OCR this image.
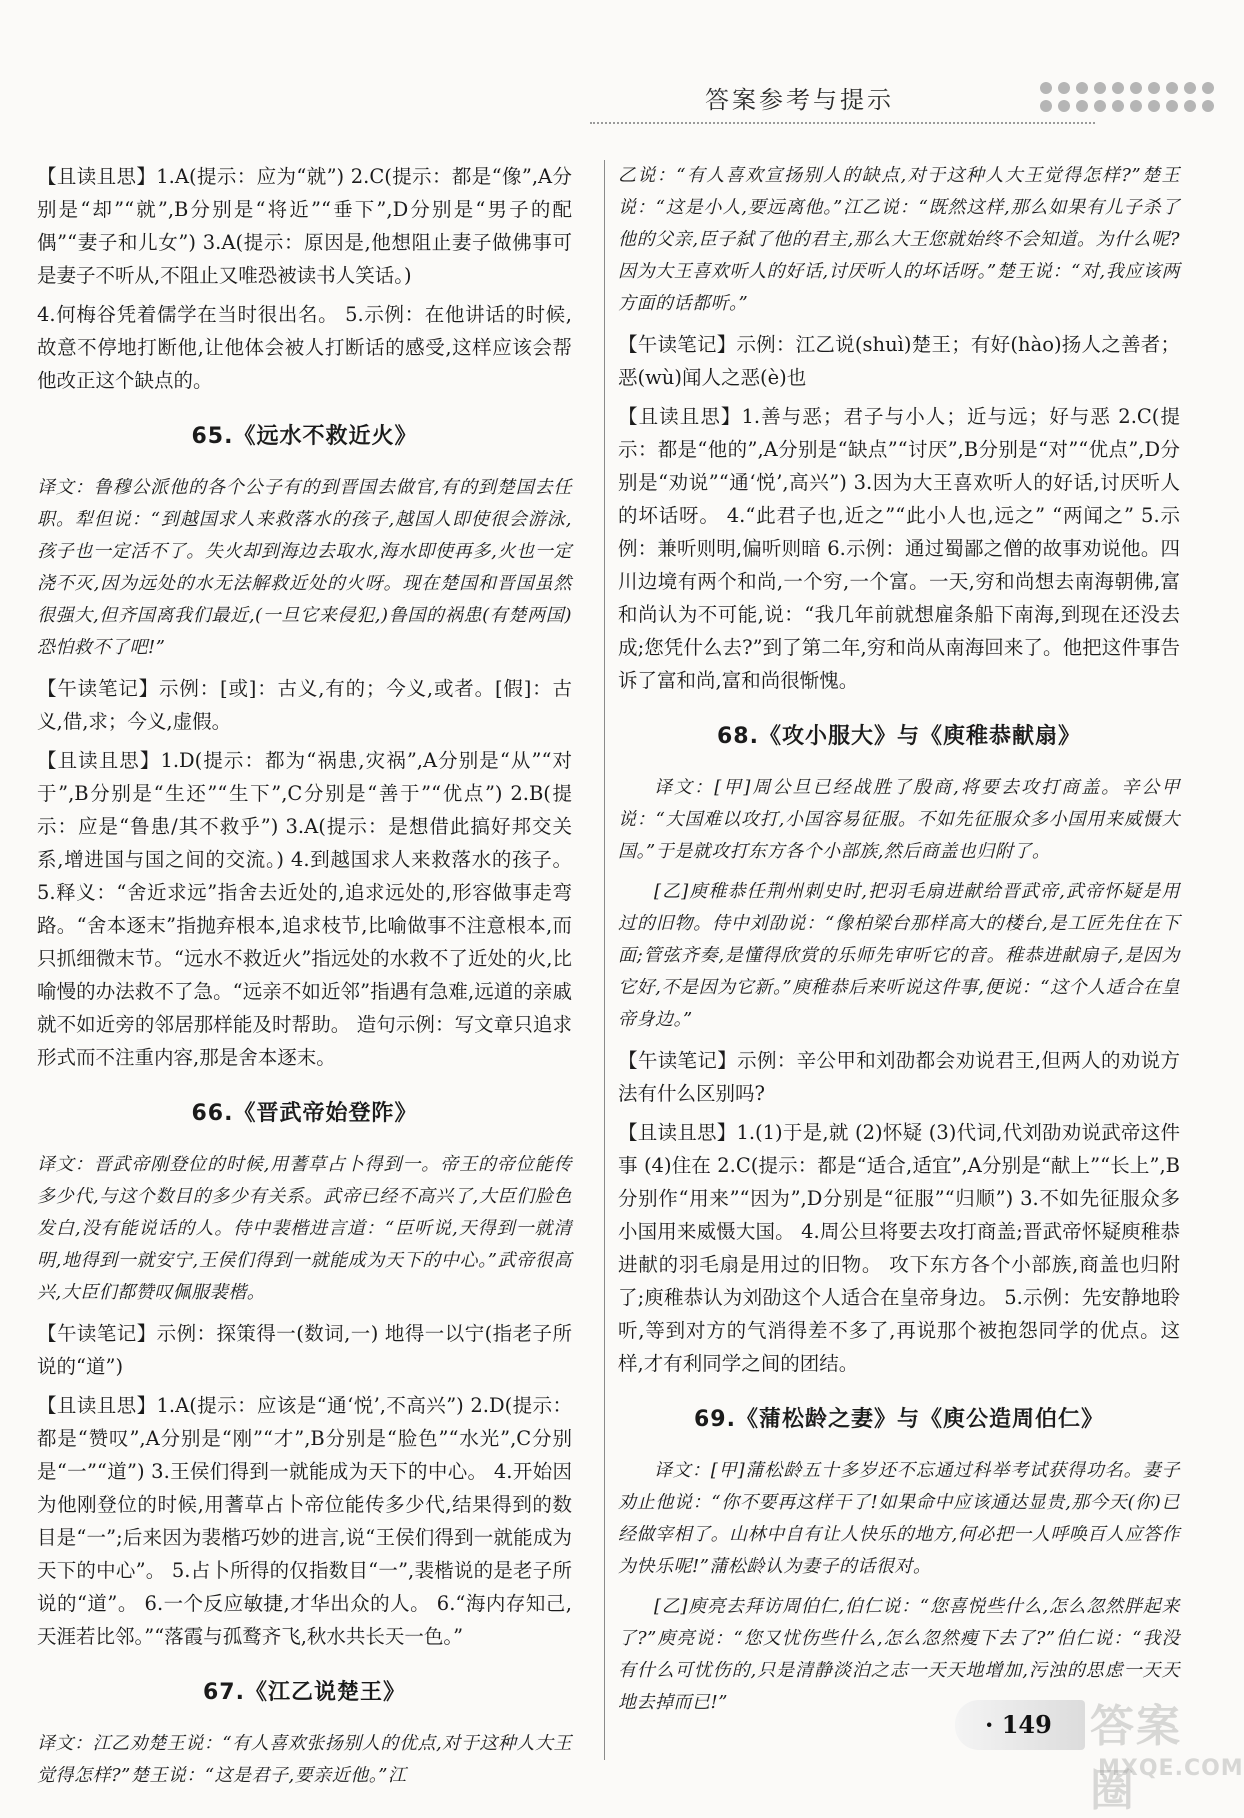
答案参考与提示
【且读且思】1.A(提示：应为“就”) 2.C(提示：都是“像”,A分别是“却”“就”,B分别是“将近”“垂下”,D分别是“男子的配偶”“妻子和儿女”) 3.A(提示：原因是,他想阻止妻子做佛事可是妻子不听从,不阻止又唯恐被读书人笑话。)
4.何梅谷凭着儒学在当时很出名。 5.示例：在他讲话的时候,故意不停地打断他,让他体会被人打断话的感受,这样应该会帮他改正这个缺点的。
65.《远水不救近火》
译文：鲁穆公派他的各个公子有的到晋国去做官,有的到楚国去任职。犁但说：“到越国求人来救落水的孩子,越国人即使很会游泳,孩子也一定活不了。失火却到海边去取水,海水即使再多,火也一定浇不灭,因为远处的水无法解救近处的火呀。现在楚国和晋国虽然很强大,但齐国离我们最近,(一旦它来侵犯,)鲁国的祸患(有楚两国)恐怕救不了吧!”
【午读笔记】示例：[或]：古义,有的；今义,或者。[假]：古义,借,求；今义,虚假。
【且读且思】1.D(提示：都为“祸患,灾祸”,A分别是“从”“对于”,B分别是“生还”“生下”,C分别是“善于”“优点”) 2.B(提示：应是“鲁患/其不救乎”) 3.A(提示：是想借此搞好邦交关系,增进国与国之间的交流。) 4.到越国求人来救落水的孩子。 5.释义：“舍近求远”指舍去近处的,追求远处的,形容做事走弯路。“舍本逐末”指抛弃根本,追求枝节,比喻做事不注意根本,而只抓细微末节。“远水不救近火”指远处的水救不了近处的火,比喻慢的办法救不了急。“远亲不如近邻”指遇有急难,远道的亲戚就不如近旁的邻居那样能及时帮助。 造句示例：写文章只追求形式而不注重内容,那是舍本逐末。
66.《晋武帝始登阼》
译文：晋武帝刚登位的时候,用蓍草占卜得到一。帝王的帝位能传多少代,与这个数目的多少有关系。武帝已经不高兴了,大臣们脸色发白,没有能说话的人。侍中裴楷进言道：“臣听说,天得到一就清明,地得到一就安宁,王侯们得到一就能成为天下的中心。”武帝很高兴,大臣们都赞叹佩服裴楷。
【午读笔记】示例：探策得一(数词,一) 地得一以宁(指老子所说的“道”)
【且读且思】1.A(提示：应该是“通‘悦’,不高兴”) 2.D(提示：都是“赞叹”,A分别是“刚”“才”,B分别是“脸色”“水光”,C分别是“一”“道”) 3.王侯们得到一就能成为天下的中心。 4.开始因为他刚登位的时候,用蓍草占卜帝位能传多少代,结果得到的数目是“一”;后来因为裴楷巧妙的进言,说“王侯们得到一就能成为天下的中心”。 5.占卜所得的仅指数目“一”,裴楷说的是老子所说的“道”。 6.一个反应敏捷,才华出众的人。 6.“海内存知己,天涯若比邻。”“落霞与孤鹜齐飞,秋水共长天一色。”
67.《江乙说楚王》
译文：江乙劝楚王说：“有人喜欢张扬别人的优点,对于这种人大王觉得怎样?”楚王说：“这是君子,要亲近他。”江
乙说：“有人喜欢宣扬别人的缺点,对于这种人大王觉得怎样?”楚王说：“这是小人,要远离他。”江乙说：“既然这样,那么如果有儿子杀了他的父亲,臣子弑了他的君主,那么大王您就始终不会知道。为什么呢?因为大王喜欢听人的好话,讨厌听人的坏话呀。”楚王说：“对,我应该两方面的话都听。”
【午读笔记】示例：江乙说(shuì)楚王；有好(hào)扬人之善者；恶(wù)闻人之恶(è)也
【且读且思】1.善与恶；君子与小人；近与远；好与恶 2.C(提示：都是“他的”,A分别是“缺点”“讨厌”,B分别是“对”“优点”,D分别是“劝说”“通‘悦’,高兴”) 3.因为大王喜欢听人的好话,讨厌听人的坏话呀。 4.“此君子也,近之”“此小人也,远之” “两闻之” 5.示例：兼听则明,偏听则暗 6.示例：通过蜀鄙之僧的故事劝说他。四川边境有两个和尚,一个穷,一个富。一天,穷和尚想去南海朝佛,富和尚认为不可能,说：“我几年前就想雇条船下南海,到现在还没去成;您凭什么去?”到了第二年,穷和尚从南海回来了。他把这件事告诉了富和尚,富和尚很惭愧。
68.《攻小服大》与《庾稚恭献扇》
译文：[甲]周公旦已经战胜了殷商,将要去攻打商盖。辛公甲说：“大国难以攻打,小国容易征服。不如先征服众多小国用来威慑大国。”于是就攻打东方各个小部族,然后商盖也归附了。
[乙]庾稚恭任荆州刺史时,把羽毛扇进献给晋武帝,武帝怀疑是用过的旧物。侍中刘劭说：“像柏梁台那样高大的楼台,是工匠先住在下面;管弦齐奏,是懂得欣赏的乐师先审听它的音。稚恭进献扇子,是因为它好,不是因为它新。”庾稚恭后来听说这件事,便说：“这个人适合在皇帝身边。”
【午读笔记】示例：辛公甲和刘劭都会劝说君王,但两人的劝说方法有什么区别吗?
【且读且思】1.(1)于是,就 (2)怀疑 (3)代词,代刘劭劝说武帝这件事 (4)住在 2.C(提示：都是“适合,适宜”,A分别是“献上”“长上”,B分别作“用来”“因为”,D分别是“征服”“归顺”) 3.不如先征服众多小国用来威慑大国。 4.周公旦将要去攻打商盖;晋武帝怀疑庾稚恭进献的羽毛扇是用过的旧物。 攻下东方各个小部族,商盖也归附了;庾稚恭认为刘劭这个人适合在皇帝身边。 5.示例：先安静地聆听,等到对方的气消得差不多了,再说那个被抱怨同学的优点。这样,才有利同学之间的团结。
69.《蒲松龄之妻》与《庾公造周伯仁》
译文：[甲]蒲松龄五十多岁还不忘通过科举考试获得功名。妻子劝止他说：“你不要再这样干了!如果命中应该通达显贵,那今天(你)已经做宰相了。山林中自有让人快乐的地方,何必把一人呼唤百人应答作为快乐呢!”蒲松龄认为妻子的话很对。
[乙]庾亮去拜访周伯仁,伯仁说：“您喜悦些什么,怎么忽然胖起来了?”庾亮说：“您又忧伤些什么,怎么忽然瘦下去了?”伯仁说：“我没有什么可忧伤的,只是清静淡泊之志一天天地增加,污浊的思虑一天天地去掉而已!”
· 149 答案圈
MXQE.COM
